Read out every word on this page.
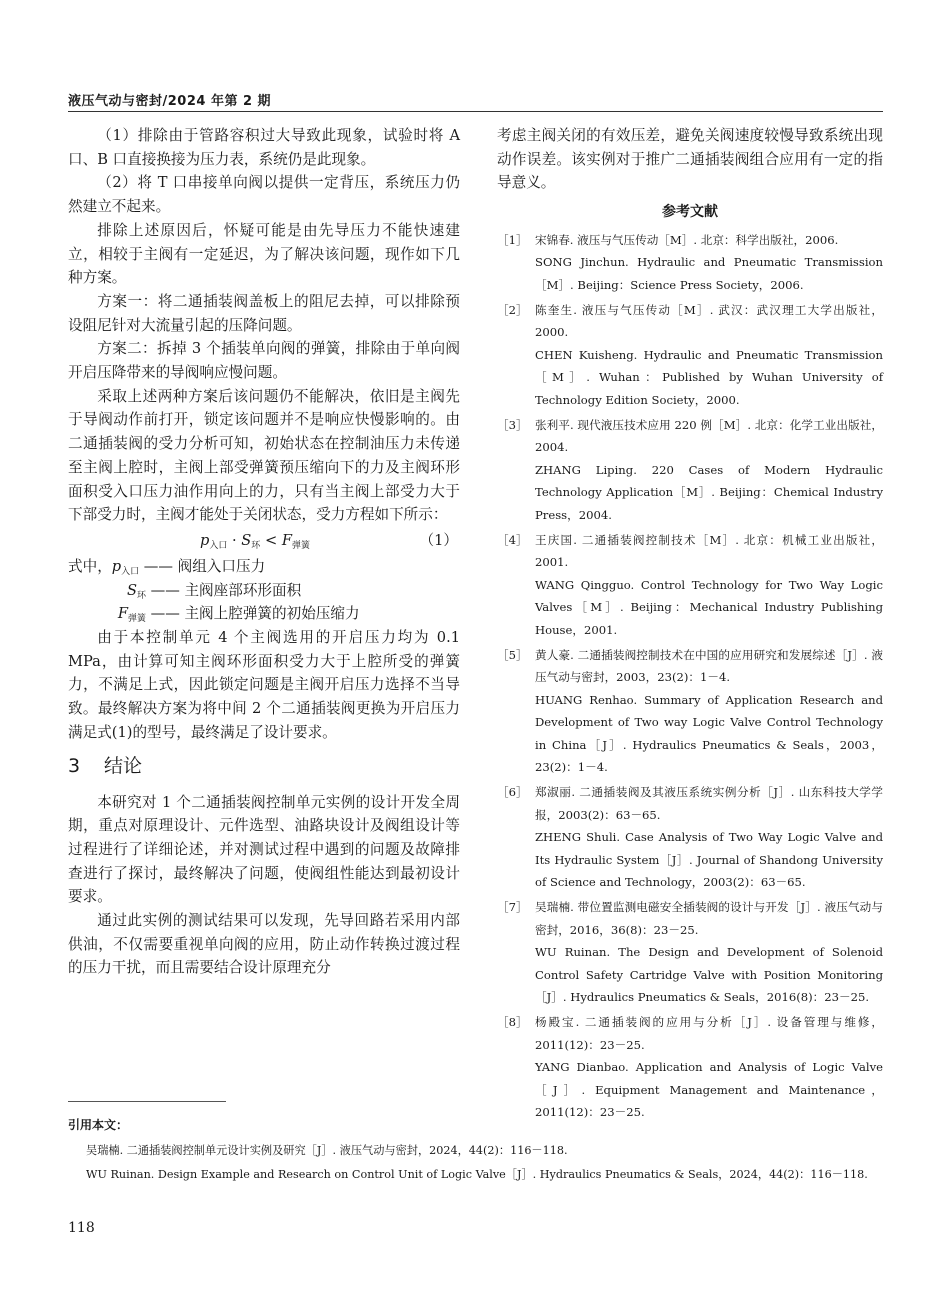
液压气动与密封/2024 年第 2 期

（1）排除由于管路容积过大导致此现象，试验时将 A 口、B 口直接换接为压力表，系统仍是此现象。

（2）将 T 口串接单向阀以提供一定背压，系统压力仍然建立不起来。

排除上述原因后，怀疑可能是由先导压力不能快速建立，相较于主阀有一定延迟，为了解决该问题，现作如下几种方案。

方案一：将二通插装阀盖板上的阻尼去掉，可以排除预设阻尼针对大流量引起的压降问题。

方案二：拆掉 3 个插装单向阀的弹簧，排除由于单向阀开启压降带来的导阀响应慢问题。

采取上述两种方案后该问题仍不能解决，依旧是主阀先于导阀动作前打开，锁定该问题并不是响应快慢影响的。由二通插装阀的受力分析可知，初始状态在控制油压力未传递至主阀上腔时，主阀上部受弹簧预压缩向下的力及主阀环形面积受入口压力油作用向上的力，只有当主阀上部受力大于下部受力时，主阀才能处于关闭状态，受力方程如下所示：

$p_{入口} \cdot S_环 < F_{弹簧}$	（1）
式中，$p_{入口}$ —— 阀组入口压力
$S_环$ —— 主阀座部环形面积
$F_{弹簧}$ —— 主阀上腔弹簧的初始压缩力

由于本控制单元 4 个主阀选用的开启压力均为 0.1 MPa，由计算可知主阀环形面积受力大于上腔所受的弹簧力，不满足上式，因此锁定问题是主阀开启压力选择不当导致。最终解决方案为将中间 2 个二通插装阀更换为开启压力满足式(1)的型号，最终满足了设计要求。

3 结论

本研究对 1 个二通插装阀控制单元实例的设计开发全周期，重点对原理设计、元件选型、油路块设计及阀组设计等过程进行了详细论述，并对测试过程中遇到的问题及故障排查进行了探讨，最终解决了问题，使阀组性能达到最初设计要求。

通过此实例的测试结果可以发现，先导回路若采用内部供油，不仅需要重视单向阀的应用，防止动作转换过渡过程的压力干扰，而且需要结合设计原理充分

考虑主阀关闭的有效压差，避免关阀速度较慢导致系统出现动作误差。该实例对于推广二通插装阀组合应用有一定的指导意义。

参考文献
［1］ 宋锦春. 液压与气压传动［M］. 北京：科学出版社，2006.
SONG Jinchun. Hydraulic and Pneumatic Transmission［M］. Beijing：Science Press Society，2006.
［2］ 陈奎生. 液压与气压传动［M］. 武汉：武汉理工大学出版社，2000.
CHEN Kuisheng. Hydraulic and Pneumatic Transmission［M］. Wuhan：Published by Wuhan University of Technology Edition Society，2000.
［3］ 张利平. 现代液压技术应用 220 例［M］. 北京：化学工业出版社，2004.
ZHANG Liping. 220 Cases of Modern Hydraulic Technology Application［M］. Beijing：Chemical Industry Press，2004.
［4］ 王庆国. 二通插装阀控制技术［M］. 北京：机械工业出版社，2001.
WANG Qingguo. Control Technology for Two Way Logic Valves［M］. Beijing：Mechanical Industry Publishing House，2001.
［5］ 黄人豪. 二通插装阀控制技术在中国的应用研究和发展综述［J］. 液压气动与密封，2003，23(2)：1－4.
HUANG Renhao. Summary of Application Research and Development of Two way Logic Valve Control Technology in China［J］. Hydraulics Pneumatics & Seals，2003，23(2)：1－4.
［6］ 郑淑丽. 二通插装阀及其液压系统实例分析［J］. 山东科技大学学报，2003(2)：63－65.
ZHENG Shuli. Case Analysis of Two Way Logic Valve and Its Hydraulic System［J］. Journal of Shandong University of Science and Technology，2003(2)：63－65.
［7］ 吴瑞楠. 带位置监测电磁安全插装阀的设计与开发［J］. 液压气动与密封，2016，36(8)：23－25.
WU Ruinan. The Design and Development of Solenoid Control Safety Cartridge Valve with Position Monitoring［J］. Hydraulics Pneumatics & Seals，2016(8)：23－25.
［8］ 杨殿宝. 二通插装阀的应用与分析［J］. 设备管理与维修，2011(12)：23－25.
YANG Dianbao. Application and Analysis of Logic Valve［J］. Equipment Management and Maintenance，2011(12)：23－25.
引用本文：
吴瑞楠. 二通插装阀控制单元设计实例及研究［J］. 液压气动与密封，2024，44(2)：116－118.
WU Ruinan. Design Example and Research on Control Unit of Logic Valve［J］. Hydraulics Pneumatics & Seals，2024，44(2)：116－118.
118
